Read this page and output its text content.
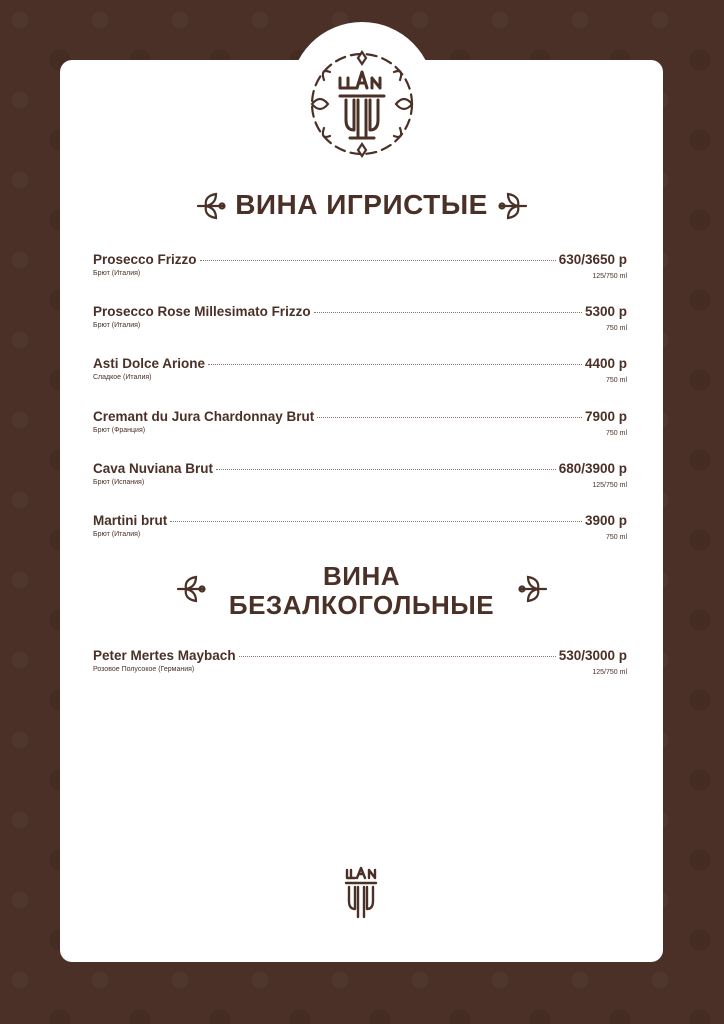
ВИНА ИГРИСТЫЕ
Prosecco Frizzo	630/3650 р
Брют (Италия)	125/750 ml
Prosecco Rose Millesimato Frizzo	5300 р
Брют (Италия)	750 ml
Asti Dolce Arione	4400 р
Сладкое (Италия)	750 ml
Cremant du Jura Chardonnay Brut	7900 р
Брют (Франция)	750 ml
Cava Nuviana Brut	680/3900 р
Брют (Испания)	125/750 ml
Martini brut	3900 р
Брют (Италия)	750 ml
ВИНА
БЕЗАЛКОГОЛЬНЫЕ
Peter Mertes Maybach	530/3000 р
Розовое Полусокое (Германия)	125/750 ml
